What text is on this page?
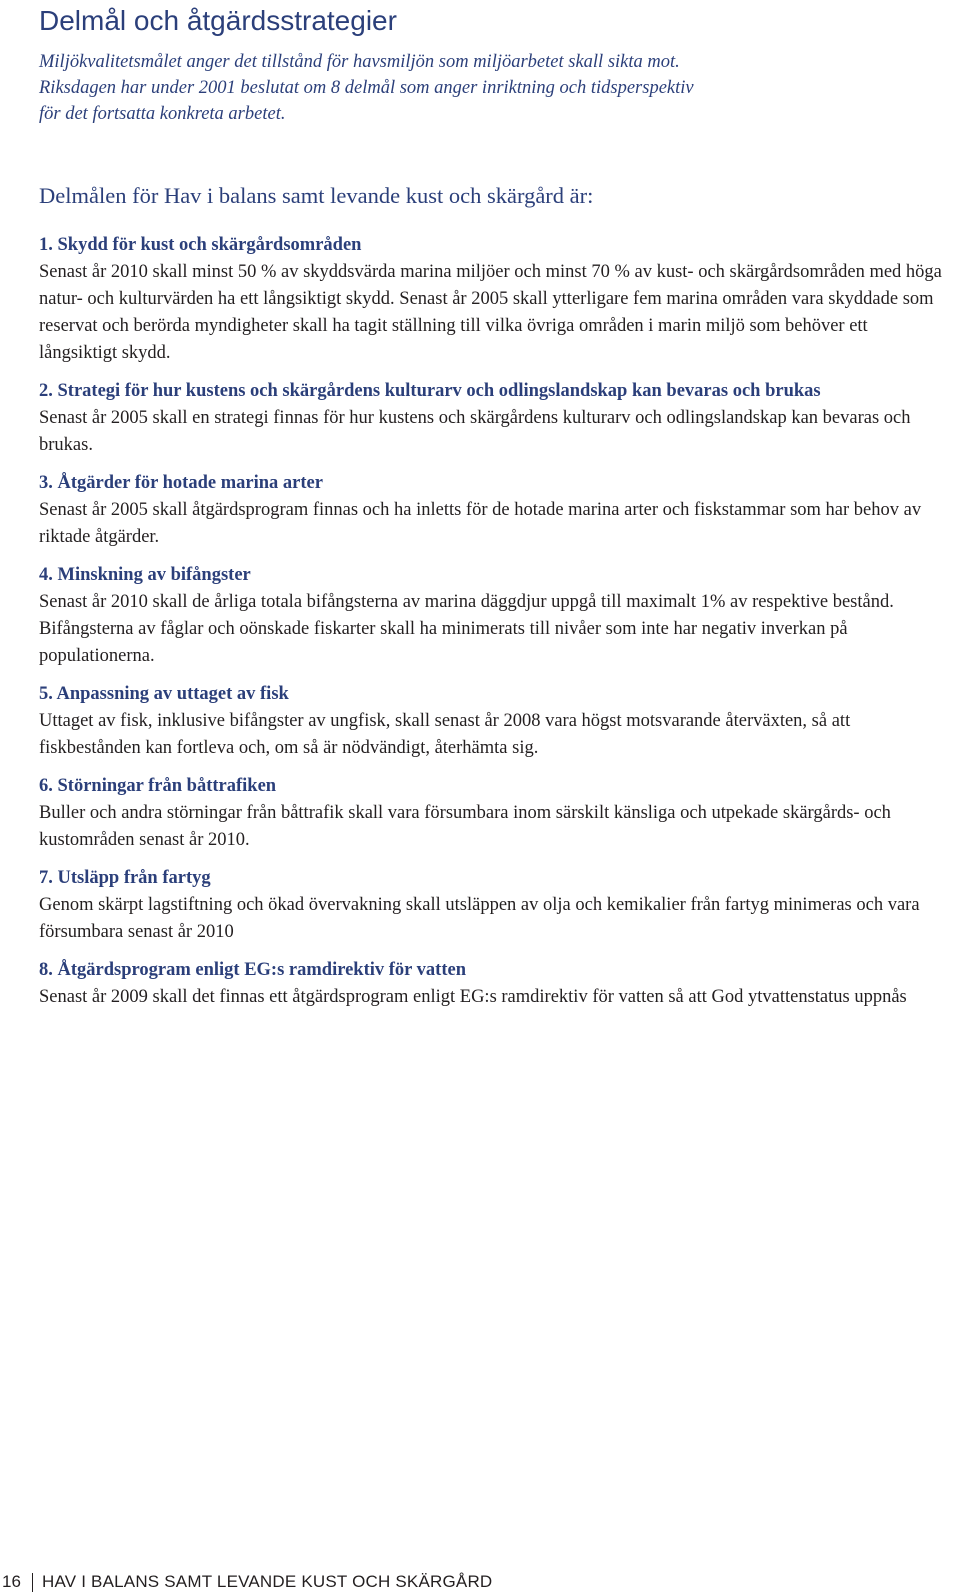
Delmål och åtgärdsstrategier

Miljökvalitetsmålet anger det tillstånd för havsmiljön som miljöarbetet skall sikta mot.
Riksdagen har under 2001 beslutat om 8 delmål som anger inriktning och tidsperspektiv
för det fortsatta konkreta arbetet.

Delmålen för Hav i balans samt levande kust och skärgård är:

1. Skydd för kust och skärgårdsområden

Senast år 2010 skall minst 50 % av skyddsvärda marina miljöer och minst 70 % av kust- och skärgårdsområden med höga natur- och kulturvärden ha ett långsiktigt skydd. Senast år 2005 skall ytterligare fem marina områden vara skyddade som reservat och berörda myndigheter skall ha tagit ställning till vilka övriga områden i marin miljö som behöver ett långsiktigt skydd.

2. Strategi för hur kustens och skärgårdens kulturarv och odlingslandskap kan bevaras och brukas

Senast år 2005 skall en strategi finnas för hur kustens och skärgårdens kulturarv och odlingslandskap kan bevaras och brukas.

3. Åtgärder för hotade marina arter

Senast år 2005 skall åtgärdsprogram finnas och ha inletts för de hotade marina arter och fiskstammar som har behov av riktade åtgärder.

4. Minskning av bifångster

Senast år 2010 skall de årliga totala bifångsterna av marina däggdjur uppgå till maximalt 1% av respektive bestånd. Bifångsterna av fåglar och oönskade fiskarter skall ha minimerats till nivåer som inte har negativ inverkan på populationerna.

5. Anpassning av uttaget av fisk

Uttaget av fisk, inklusive bifångster av ungfisk, skall senast år 2008 vara högst motsvarande återväxten, så att fiskbestånden kan fortleva och, om så är nödvändigt, återhämta sig.

6. Störningar från båttrafiken

Buller och andra störningar från båttrafik skall vara försumbara inom särskilt känsliga och utpekade skärgårds- och kustområden senast år 2010.

7. Utsläpp från fartyg

Genom skärpt lagstiftning och ökad övervakning skall utsläppen av olja och kemikalier från fartyg minimeras och vara försumbara senast år 2010

8. Åtgärdsprogram enligt EG:s ramdirektiv för vatten

Senast år 2009 skall det finnas ett åtgärdsprogram enligt EG:s ramdirektiv för vatten så att God ytvattenstatus uppnås

16 HAV I BALANS SAMT LEVANDE KUST OCH SKÄRGÅRD
